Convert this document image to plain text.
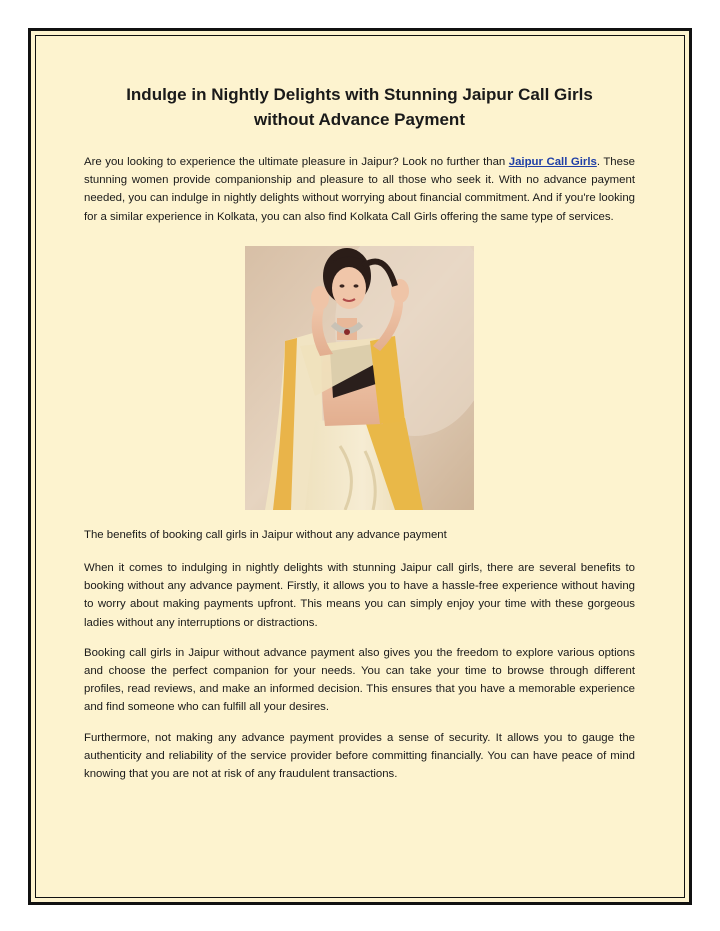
Indulge in Nightly Delights with Stunning Jaipur Call Girls without Advance Payment

Are you looking to experience the ultimate pleasure in Jaipur? Look no further than Jaipur Call Girls. These stunning women provide companionship and pleasure to all those who seek it. With no advance payment needed, you can indulge in nightly delights without worrying about financial commitment. And if you're looking for a similar experience in Kolkata, you can also find Kolkata Call Girls offering the same type of services.

The benefits of booking call girls in Jaipur without any advance payment

When it comes to indulging in nightly delights with stunning Jaipur call girls, there are several benefits to booking without any advance payment. Firstly, it allows you to have a hassle-free experience without having to worry about making payments upfront. This means you can simply enjoy your time with these gorgeous ladies without any interruptions or distractions.

Booking call girls in Jaipur without advance payment also gives you the freedom to explore various options and choose the perfect companion for your needs. You can take your time to browse through different profiles, read reviews, and make an informed decision. This ensures that you have a memorable experience and find someone who can fulfill all your desires.

Furthermore, not making any advance payment provides a sense of security. It allows you to gauge the authenticity and reliability of the service provider before committing financially. You can have peace of mind knowing that you are not at risk of any fraudulent transactions.
